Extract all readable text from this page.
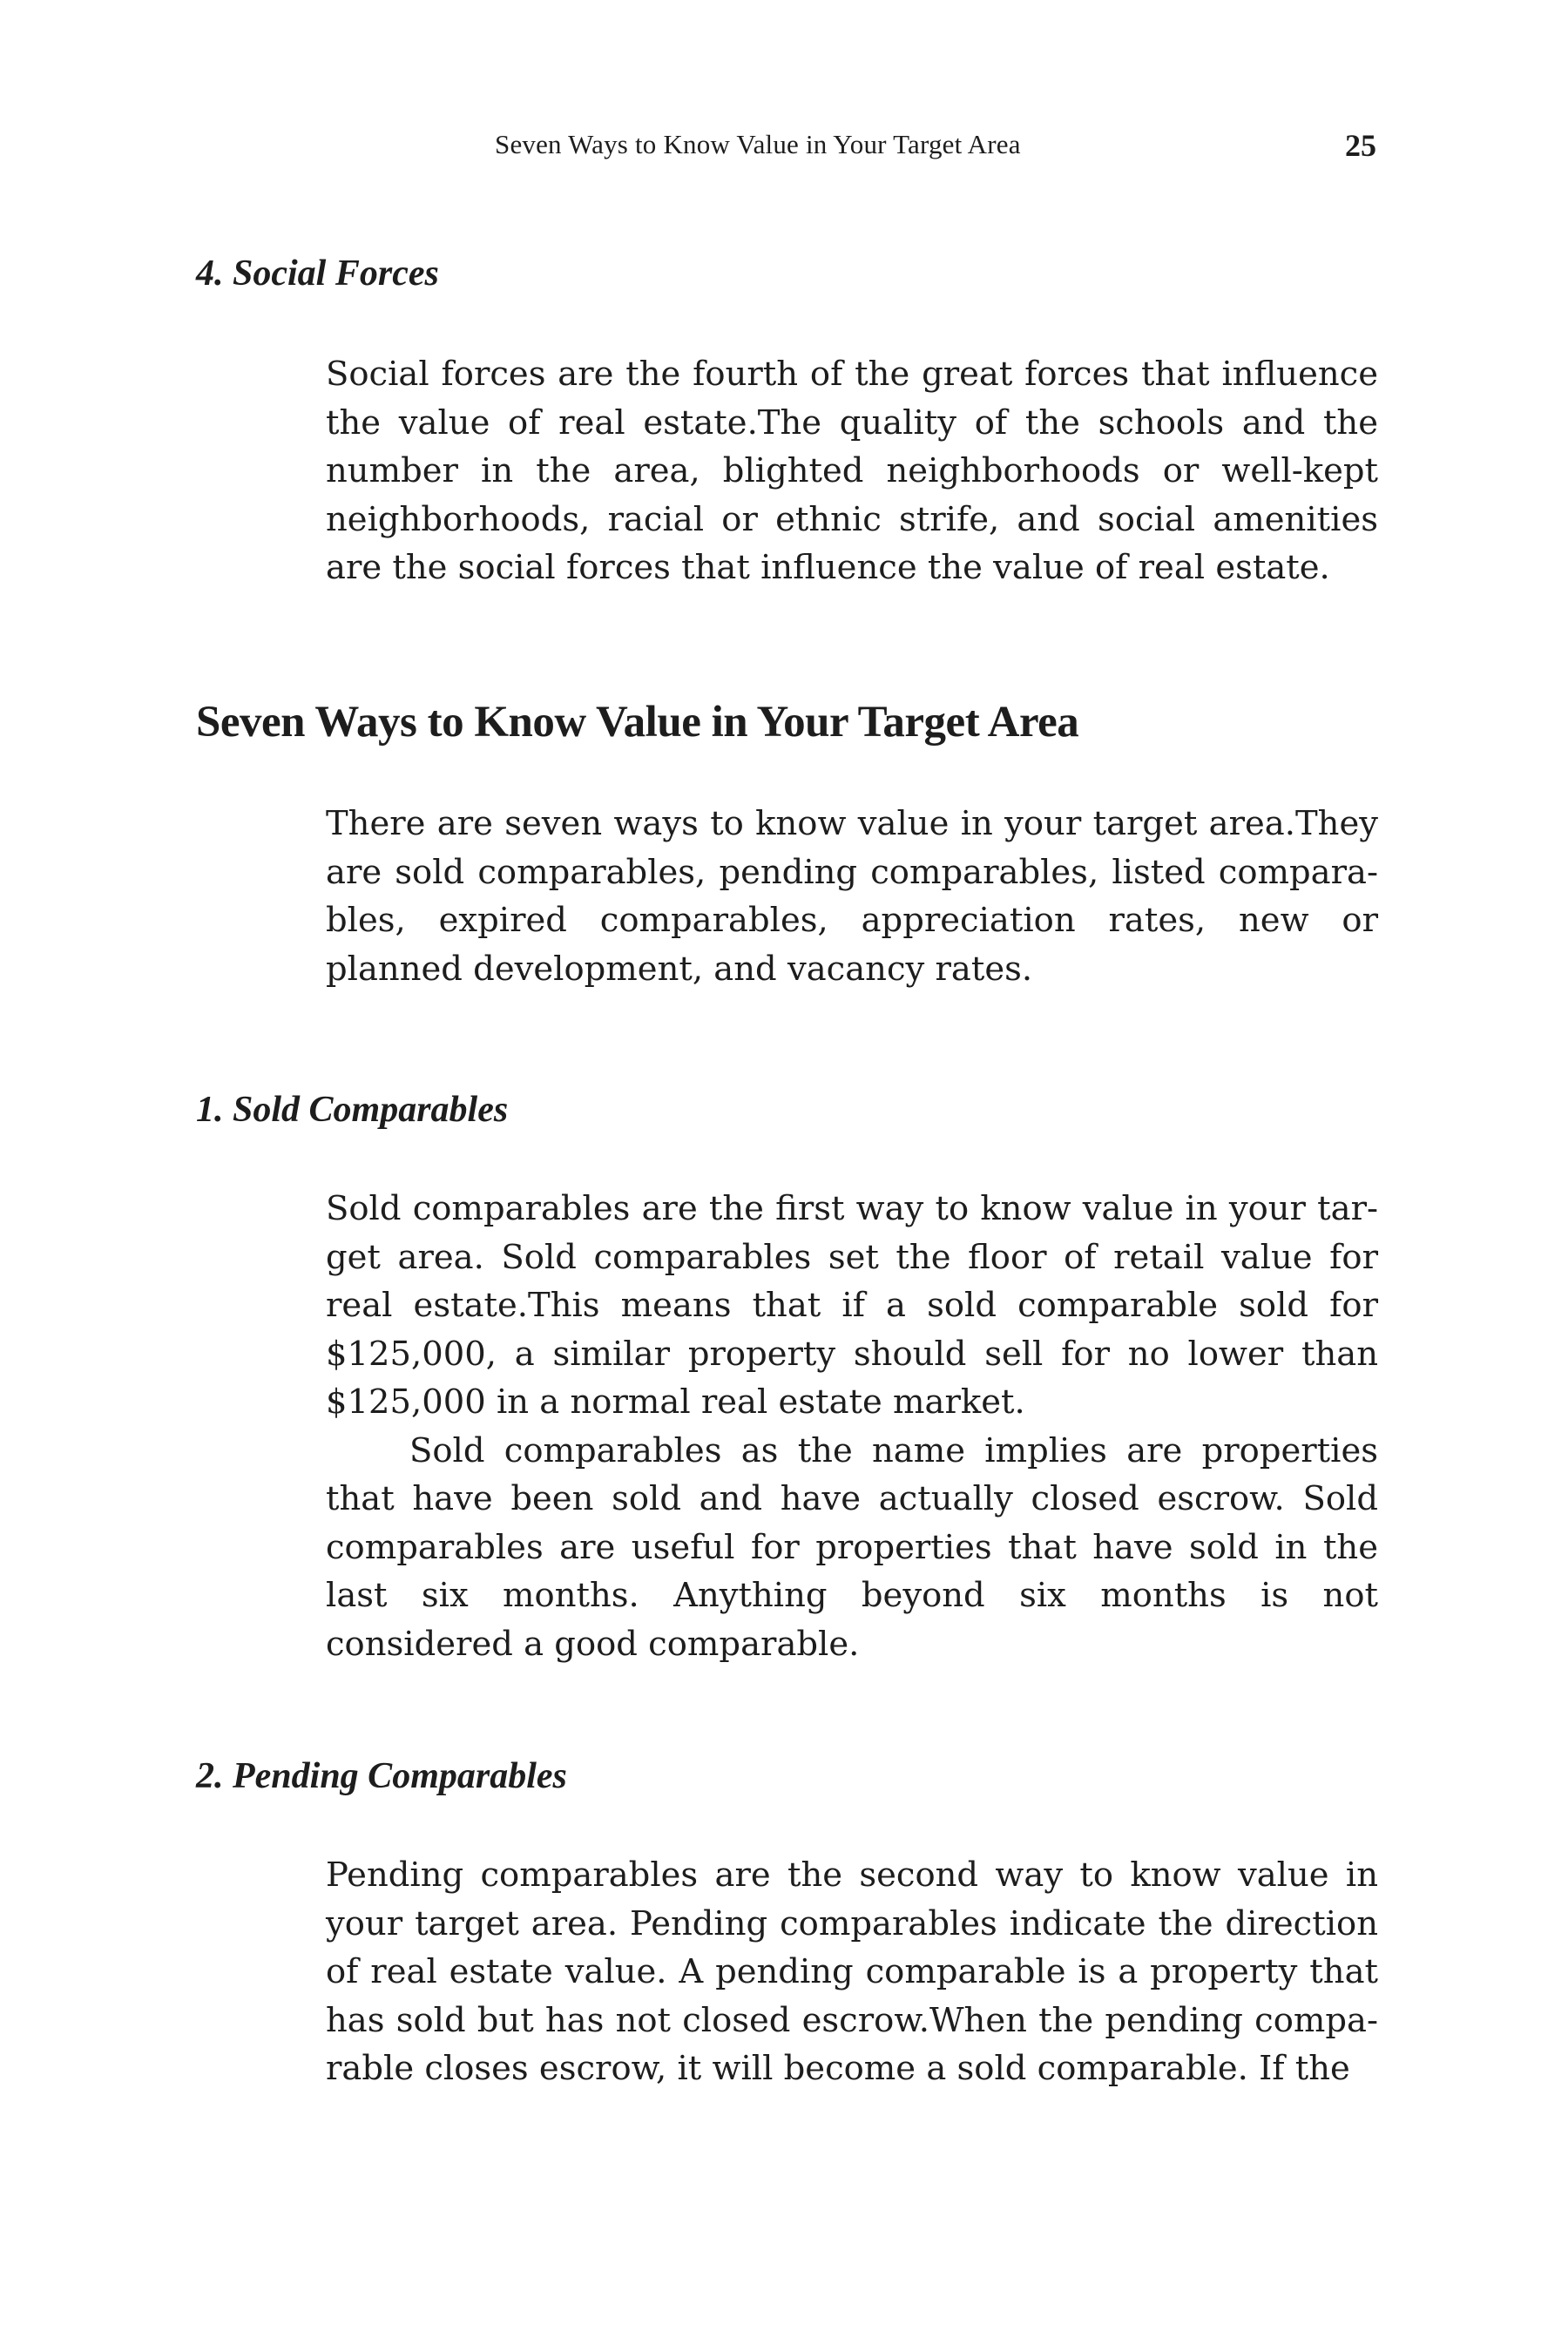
Seven Ways to Know Value in Your Target Area	25
4. Social Forces

Social forces are the fourth of the great forces that influence the value of real estate.The quality of the schools and the number in the area, blighted neighborhoods or well-kept neighborhoods, racial or ethnic strife, and social amenities are the social forces that influence the value of real estate.

Seven Ways to Know Value in Your Target Area

There are seven ways to know value in your target area.They are sold comparables, pending comparables, listed comparables, expired comparables, appreciation rates, new or planned development, and vacancy rates.

1. Sold Comparables

Sold comparables are the first way to know value in your target area. Sold comparables set the floor of retail value for real estate.This means that if a sold comparable sold for $125,000, a similar property should sell for no lower than $125,000 in a normal real estate market.

Sold comparables as the name implies are properties that have been sold and have actually closed escrow. Sold comparables are useful for properties that have sold in the last six months. Anything beyond six months is not considered a good comparable.

2. Pending Comparables

Pending comparables are the second way to know value in your target area. Pending comparables indicate the direction of real estate value. A pending comparable is a property that has sold but has not closed escrow.When the pending comparable closes escrow, it will become a sold comparable. If the
